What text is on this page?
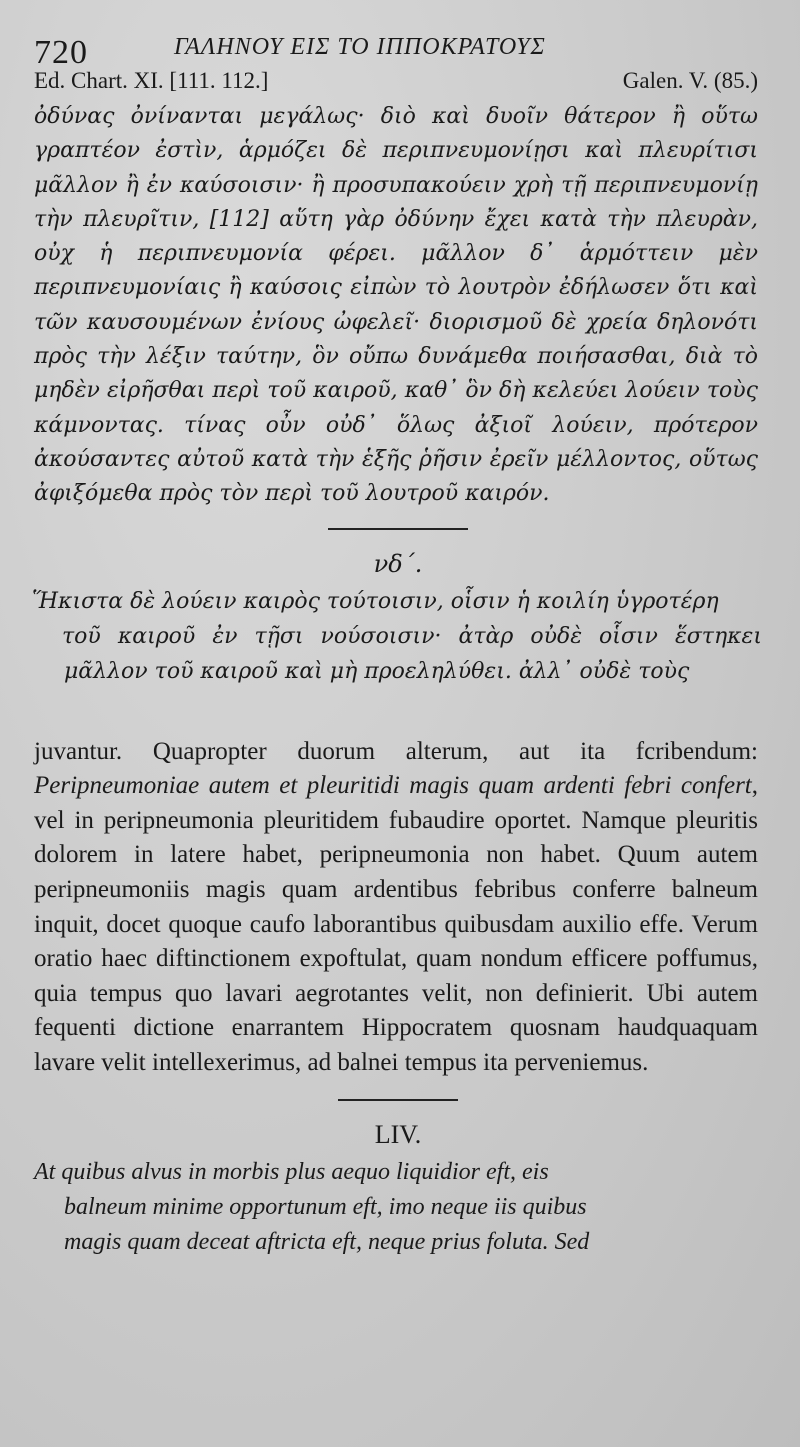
720	ΓΑΛΗΝΟΥ ΕΙΣ ΤΟ ΙΠΠΟΚΡΑΤΟΥΣ
Ed. Chart. XI. [111. 112.]	Galen. V. (85.)

ὀδύνας ὀνίνανται μεγάλως· διὸ καὶ δυοῖν θάτερον ἢ οὕτω γραπτέον ἐστὶν, ἁρμόζει δὲ περιπνευμονίῃσι καὶ πλευρίτισι μᾶλλον ἢ ἐν καύσοισιν· ἢ προσυπακούειν χρὴ τῇ περιπνευμονίῃ τὴν πλευρῖτιν, [112] αὕτη γὰρ ὀδύνην ἔχει κατὰ τὴν πλευρὰν, οὐχ ἡ περιπνευμονία φέρει. μᾶλλον δ᾽ ἁρμόττειν μὲν περιπνευμονίαις ἢ καύσοις εἰπὼν τὸ λουτρὸν ἐδήλωσεν ὅτι καὶ τῶν καυσουμένων ἐνίους ὠφελεῖ· διορισμοῦ δὲ χρεία δηλονότι πρὸς τὴν λέξιν ταύτην, ὃν οὔπω δυνάμεθα ποιήσασθαι, διὰ τὸ μηδὲν εἰρῆσθαι περὶ τοῦ καιροῦ, καθ᾽ ὃν δὴ κελεύει λούειν τοὺς κάμνοντας. τίνας οὖν οὐδ᾽ ὅλως ἀξιοῖ λούειν, πρότερον ἀκούσαντες αὐτοῦ κατὰ τὴν ἑξῆς ῥῆσιν ἐρεῖν μέλλοντος, οὕτως ἀφιξόμεθα πρὸς τὸν περὶ τοῦ λουτροῦ καιρόν.

νδ´.
Ἥκιστα δὲ λούειν καιρὸς τούτοισιν, οἷσιν ἡ κοιλίη ὑγροτέρη
τοῦ καιροῦ ἐν τῇσι νούσοισιν· ἀτὰρ οὐδὲ οἷσιν ἕστηκει μᾶλλον τοῦ καιροῦ καὶ μὴ προεληλύθει. ἀλλ᾽ οὐδὲ τοὺς

juvantur. Quapropter duorum alterum, aut ita fcribendum: Peripneumoniae autem et pleuritidi magis quam ardenti febri confert, vel in peripneumonia pleuritidem fubaudire oportet. Namque pleuritis dolorem in latere habet, peripneumonia non habet. Quum autem peripneumoniis magis quam ardentibus febribus conferre balneum inquit, docet quoque caufo laborantibus quibusdam auxilio effe. Verum oratio haec diftinctionem expoftulat, quam nondum efficere poffumus, quia tempus quo lavari aegrotantes velit, non definierit. Ubi autem fequenti dictione enarrantem Hippocratem quosnam haudquaquam lavare velit intellexerimus, ad balnei tempus ita perveniemus.

LIV.
At quibus alvus in morbis plus aequo liquidior eft, eis
balneum minime opportunum eft, imo neque iis quibus
magis quam deceat aftricta eft, neque prius foluta. Sed
